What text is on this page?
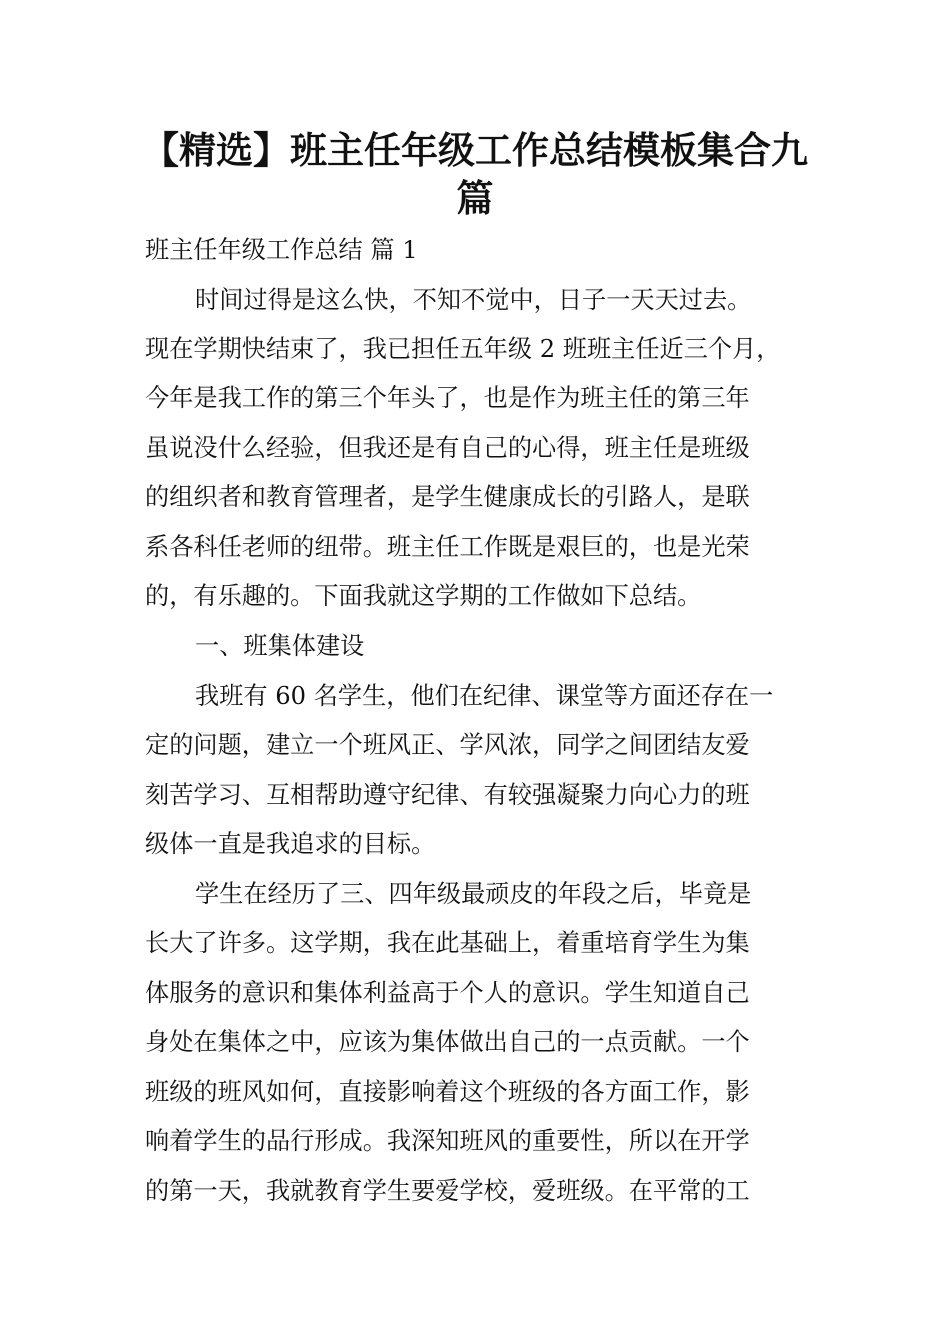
【精选】班主任年级工作总结模板集合九
篇

班主任年级工作总结 篇 1

时间过得是这么快，不知不觉中，日子一天天过去。

现在学期快结束了，我已担任五年级 2 班班主任近三个月，

今年是我工作的第三个年头了，也是作为班主任的第三年

虽说没什么经验，但我还是有自己的心得，班主任是班级

的组织者和教育管理者，是学生健康成长的引路人，是联

系各科任老师的纽带。班主任工作既是艰巨的，也是光荣

的，有乐趣的。下面我就这学期的工作做如下总结。

一、班集体建设

我班有 60 名学生，他们在纪律、课堂等方面还存在一

定的问题，建立一个班风正、学风浓，同学之间团结友爱

刻苦学习、互相帮助遵守纪律、有较强凝聚力向心力的班

级体一直是我追求的目标。

学生在经历了三、四年级最顽皮的年段之后，毕竟是

长大了许多。这学期，我在此基础上，着重培育学生为集

体服务的意识和集体利益高于个人的意识。学生知道自己

身处在集体之中，应该为集体做出自己的一点贡献。一个

班级的班风如何，直接影响着这个班级的各方面工作，影

响着学生的品行形成。我深知班风的重要性，所以在开学

的第一天，我就教育学生要爱学校，爱班级。在平常的工
